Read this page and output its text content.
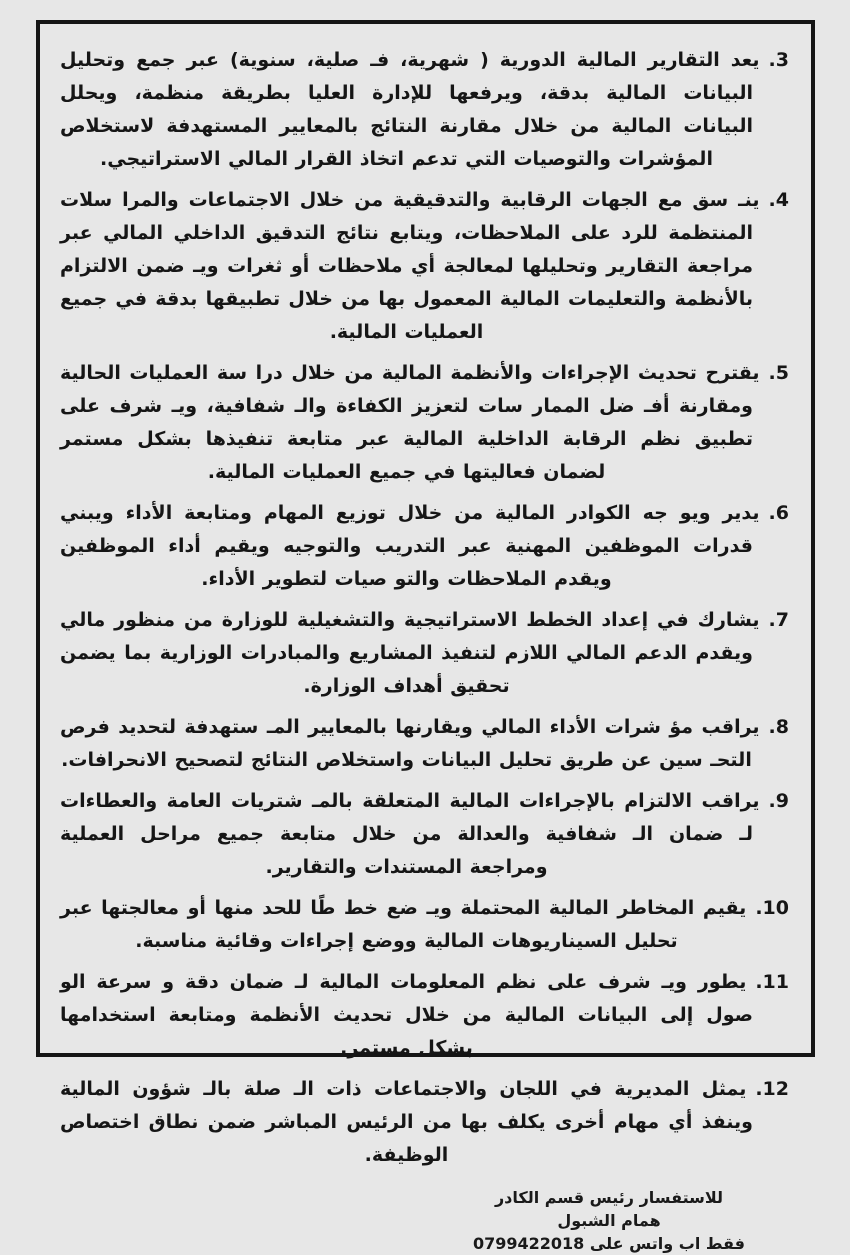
3.يعد التقارير المالية الدورية ( شهرية، فـ صلية، سنوية) عبر جمع وتحليل البيانات المالية بدقة، ويرفعها للإدارة العليا بطريقة منظمة، ويحلل البيانات المالية من خلال مقارنة النتائج بالمعايير المستهدفة لاستخلاص المؤشرات والتوصيات التي تدعم اتخاذ القرار المالي الاستراتيجي.
4.ينـ سق مع الجهات الرقابية والتدقيقية من خلال الاجتماعات والمرا سلات المنتظمة للرد على الملاحظات، ويتابع نتائج التدقيق الداخلي المالي عبر مراجعة التقارير وتحليلها لمعالجة أي ملاحظات أو ثغرات ويـ ضمن الالتزام بالأنظمة والتعليمات المالية المعمول بها من خلال تطبيقها بدقة في جميع العمليات المالية.
5.يقترح تحديث الإجراءات والأنظمة المالية من خلال درا سة العمليات الحالية ومقارنة أفـ ضل الممار سات لتعزيز الكفاءة والـ شفافية، ويـ شرف على تطبيق نظم الرقابة الداخلية المالية عبر متابعة تنفيذها بشكل مستمر لضمان فعاليتها في جميع العمليات المالية.
6.يدير ويو جه الكوادر المالية من خلال توزيع المهام ومتابعة الأداء ويبني قدرات الموظفين المهنية عبر التدريب والتوجيه ويقيم أداء الموظفين ويقدم الملاحظات والتو صيات لتطوير الأداء.
7.يشارك في إعداد الخطط الاستراتيجية والتشغيلية للوزارة من منظور مالي ويقدم الدعم المالي اللازم لتنفيذ المشاريع والمبادرات الوزارية بما يضمن تحقيق أهداف الوزارة.
8.يراقب مؤ شرات الأداء المالي ويقارنها بالمعايير المـ ستهدفة لتحديد فرص التحـ سين عن طريق تحليل البيانات واستخلاص النتائج لتصحيح الانحرافات.
9.يراقب الالتزام بالإجراءات المالية المتعلقة بالمـ شتريات العامة والعطاءات لـ ضمان الـ شفافية والعدالة من خلال متابعة جميع مراحل العملية ومراجعة المستندات والتقارير.
10.يقيم المخاطر المالية المحتملة ويـ ضع خط طًا للحد منها أو معالجتها عبر تحليل السيناريوهات المالية ووضع إجراءات وقائية مناسبة.
11.يطور ويـ شرف على نظم المعلومات المالية لـ ضمان دقة و سرعة الو صول إلى البيانات المالية من خلال تحديث الأنظمة ومتابعة استخدامها بشكل مستمر.
12.يمثل المديرية في اللجان والاجتماعات ذات الـ صلة بالـ شؤون المالية وينفذ أي مهام أخرى يكلف بها من الرئيس المباشر ضمن نطاق اختصاص الوظيفة.
للاستفسار رئيس قسم الكادر
همام الشبول
0799422018 على‎ واتس‎ اب‎ فقط
